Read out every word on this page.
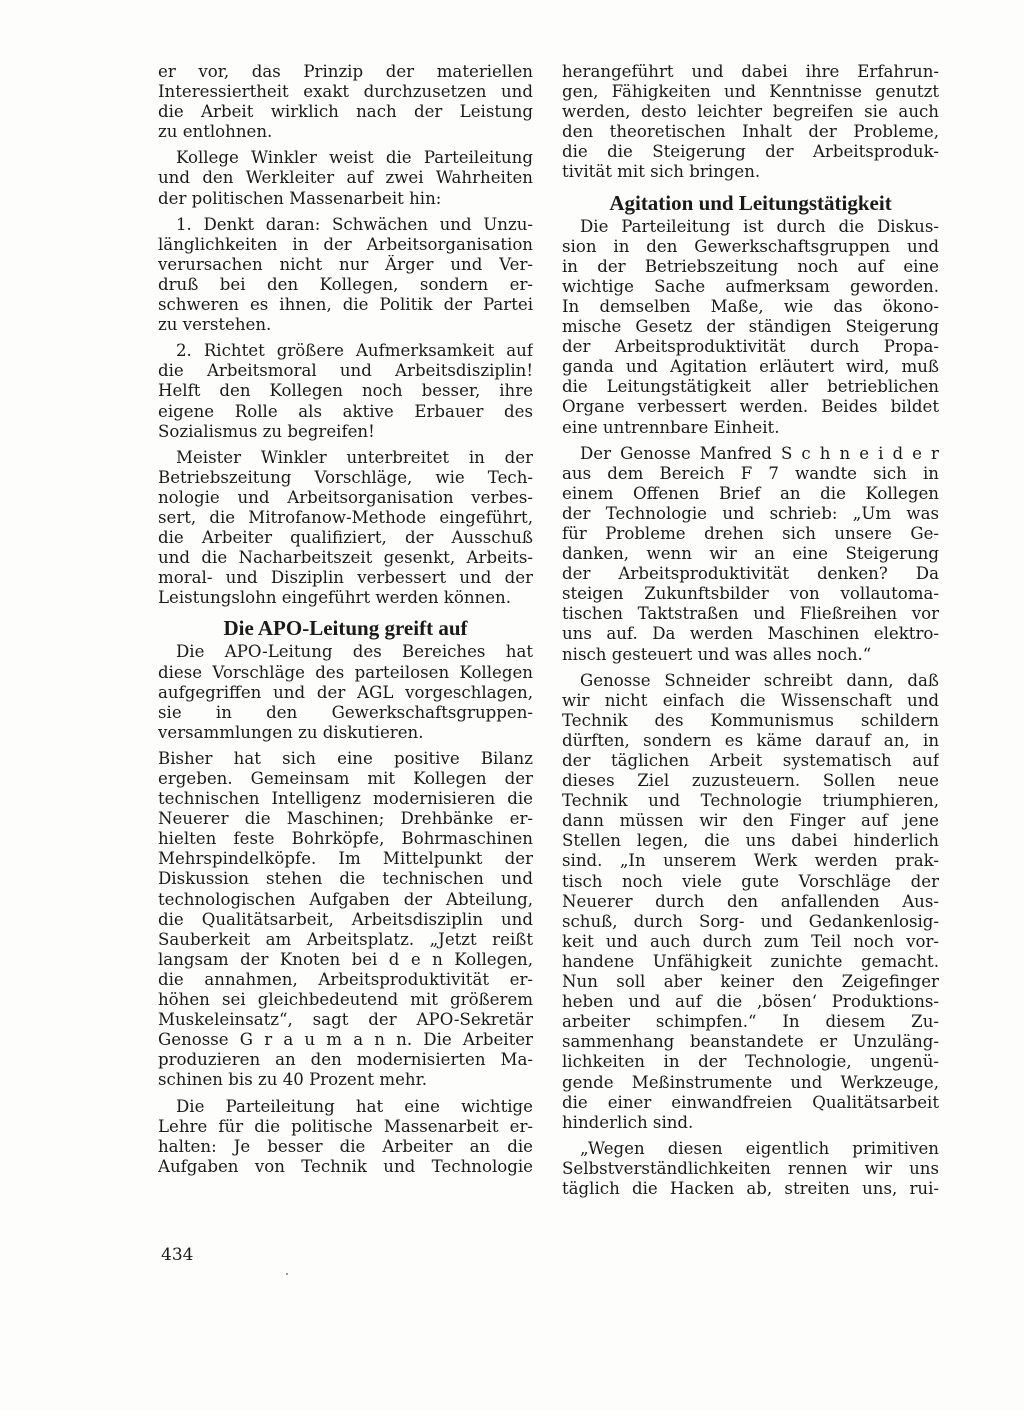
er vor, das Prinzip der materiellen
Interessiertheit exakt durchzusetzen und
die Arbeit wirklich nach der Leistung
zu entlohnen.
Kollege Winkler weist die Parteileitung
und den Werkleiter auf zwei Wahrheiten
der politischen Massenarbeit hin:
1. Denkt daran: Schwächen und Unzu-
länglichkeiten in der Arbeitsorganisation
verursachen nicht nur Ärger und Ver-
druß bei den Kollegen, sondern er-
schweren es ihnen, die Politik der Partei
zu verstehen.
2. Richtet größere Aufmerksamkeit auf
die Arbeitsmoral und Arbeitsdisziplin!
Helft den Kollegen noch besser, ihre
eigene Rolle als aktive Erbauer des
Sozialismus zu begreifen!
Meister Winkler unterbreitet in der
Betriebszeitung Vorschläge, wie Tech-
nologie und Arbeitsorganisation verbes-
sert, die Mitrofanow-Methode eingeführt,
die Arbeiter qualifiziert, der Ausschuß
und die Nacharbeitszeit gesenkt, Arbeits-
moral- und Disziplin verbessert und der
Leistungslohn eingeführt werden können.
Die APO-Leitung greift auf
Die APO-Leitung des Bereiches hat
diese Vorschläge des parteilosen Kollegen
aufgegriffen und der AGL vorgeschlagen,
sie in den Gewerkschaftsgruppen-
versammlungen zu diskutieren.
Bisher hat sich eine positive Bilanz
ergeben. Gemeinsam mit Kollegen der
technischen Intelligenz modernisieren die
Neuerer die Maschinen; Drehbänke er-
hielten feste Bohrköpfe, Bohrmaschinen
Mehrspindelköpfe. Im Mittelpunkt der
Diskussion stehen die technischen und
technologischen Aufgaben der Abteilung,
die Qualitätsarbeit, Arbeitsdisziplin und
Sauberkeit am Arbeitsplatz. „Jetzt reißt
langsam der Knoten bei d e n Kollegen,
die annahmen, Arbeitsproduktivität er-
höhen sei gleichbedeutend mit größerem
Muskeleinsatz“, sagt der APO-Sekretär
Genosse G r a u m a n n. Die Arbeiter
produzieren an den modernisierten Ma-
schinen bis zu 40 Prozent mehr.
Die Parteileitung hat eine wichtige
Lehre für die politische Massenarbeit er-
halten: Je besser die Arbeiter an die
Aufgaben von Technik und Technologie
herangeführt und dabei ihre Erfahrun-
gen, Fähigkeiten und Kenntnisse genutzt
werden, desto leichter begreifen sie auch
den theoretischen Inhalt der Probleme,
die die Steigerung der Arbeitsproduk-
tivität mit sich bringen.
Agitation und Leitungstätigkeit
Die Parteileitung ist durch die Diskus-
sion in den Gewerkschaftsgruppen und
in der Betriebszeitung noch auf eine
wichtige Sache aufmerksam geworden.
In demselben Maße, wie das ökono-
mische Gesetz der ständigen Steigerung
der Arbeitsproduktivität durch Propa-
ganda und Agitation erläutert wird, muß
die Leitungstätigkeit aller betrieblichen
Organe verbessert werden. Beides bildet
eine untrennbare Einheit.
Der Genosse Manfred S c h n e i d e r
aus dem Bereich F 7 wandte sich in
einem Offenen Brief an die Kollegen
der Technologie und schrieb: „Um was
für Probleme drehen sich unsere Ge-
danken, wenn wir an eine Steigerung
der Arbeitsproduktivität denken? Da
steigen Zukunftsbilder von vollautoma-
tischen Taktstraßen und Fließreihen vor
uns auf. Da werden Maschinen elektro-
nisch gesteuert und was alles noch.“
Genosse Schneider schreibt dann, daß
wir nicht einfach die Wissenschaft und
Technik des Kommunismus schildern
dürften, sondern es käme darauf an, in
der täglichen Arbeit systematisch auf
dieses Ziel zuzusteuern. Sollen neue
Technik und Technologie triumphieren,
dann müssen wir den Finger auf jene
Stellen legen, die uns dabei hinderlich
sind. „In unserem Werk werden prak-
tisch noch viele gute Vorschläge der
Neuerer durch den anfallenden Aus-
schuß, durch Sorg- und Gedankenlosig-
keit und auch durch zum Teil noch vor-
handene Unfähigkeit zunichte gemacht.
Nun soll aber keiner den Zeigefinger
heben und auf die ‚bösen‘ Produktions-
arbeiter schimpfen.“ In diesem Zu-
sammenhang beanstandete er Unzuläng-
lichkeiten in der Technologie, ungenü-
gende Meßinstrumente und Werkzeuge,
die einer einwandfreien Qualitätsarbeit
hinderlich sind.
„Wegen diesen eigentlich primitiven
Selbstverständlichkeiten rennen wir uns
täglich die Hacken ab, streiten uns, rui-
434
